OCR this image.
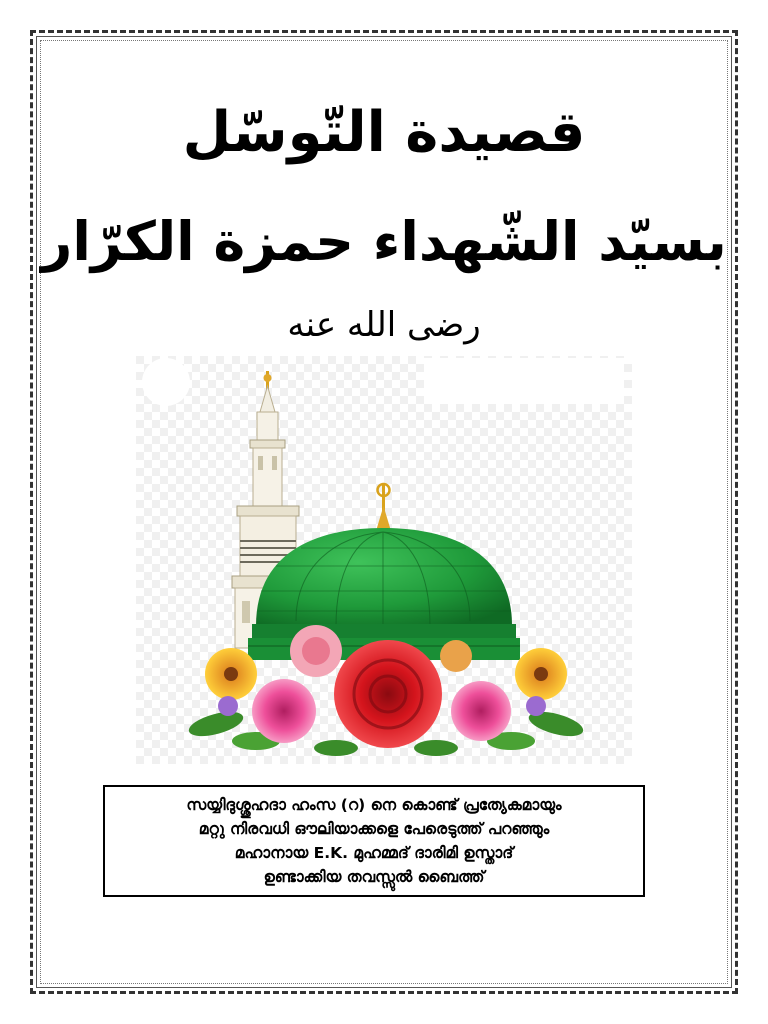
قصيدة التّوسّل
بسيّد الشّهداء حمزة الكرّار
رضى الله عنه
സയ്യിദുശ്ശുഹദാ ഹംസ (റ) നെ കൊണ്ട് പ്രത്യേകമായും
മറ്റു നിരവധി ഔലിയാക്കളെ പേരെടുത്ത് പറഞ്ഞും
മഹാനായ E.K. മുഹമ്മദ് ദാരിമി ഉസ്താദ്
ഉണ്ടാക്കിയ തവസ്സുൽ ബൈത്ത്
